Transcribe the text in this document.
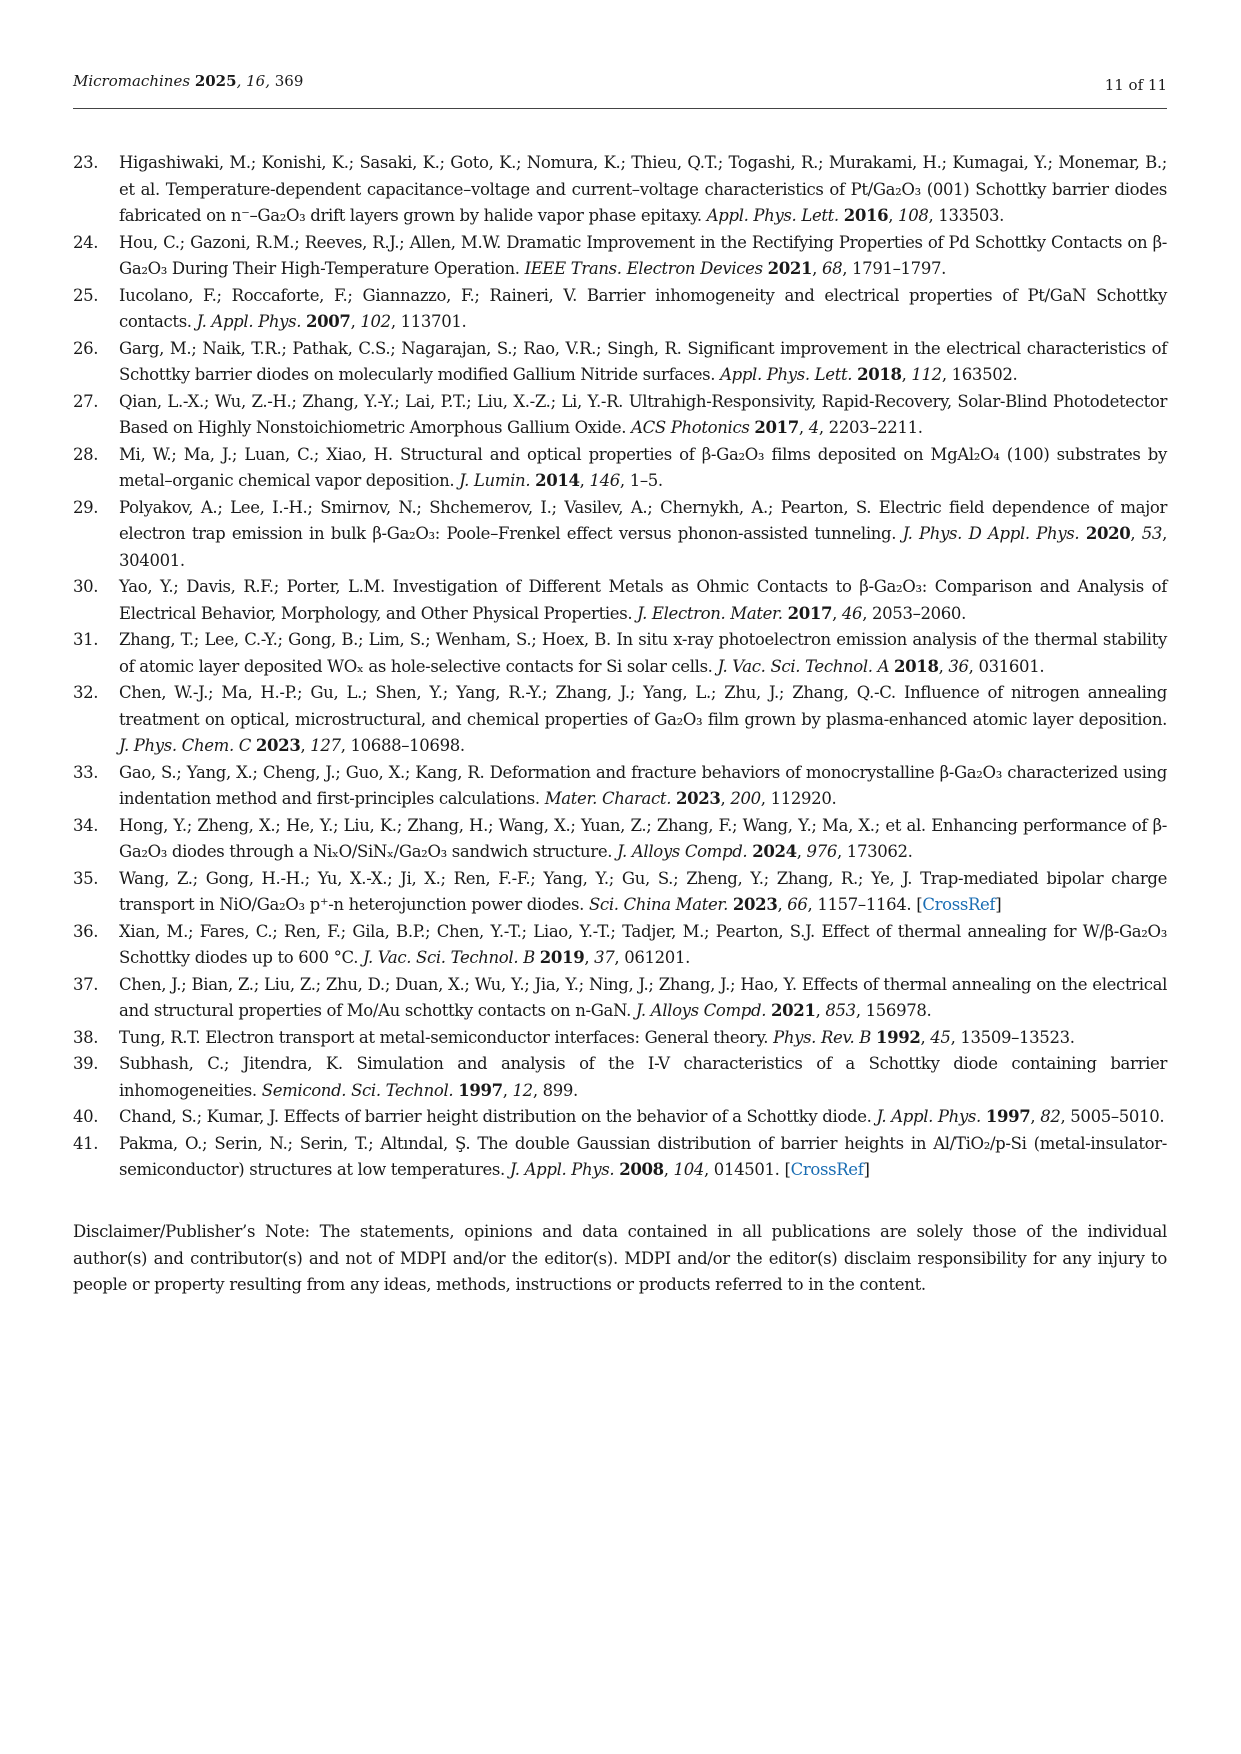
Micromachines 2025, 16, 369	11 of 11

23. Higashiwaki, M.; Konishi, K.; Sasaki, K.; Goto, K.; Nomura, K.; Thieu, Q.T.; Togashi, R.; Murakami, H.; Kumagai, Y.; Monemar, B.; et al. Temperature-dependent capacitance–voltage and current–voltage characteristics of Pt/Ga₂O₃ (001) Schottky barrier diodes fabricated on n⁻–Ga₂O₃ drift layers grown by halide vapor phase epitaxy. Appl. Phys. Lett. 2016, 108, 133503.

24. Hou, C.; Gazoni, R.M.; Reeves, R.J.; Allen, M.W. Dramatic Improvement in the Rectifying Properties of Pd Schottky Contacts on β-Ga₂O₃ During Their High-Temperature Operation. IEEE Trans. Electron Devices 2021, 68, 1791–1797.

25. Iucolano, F.; Roccaforte, F.; Giannazzo, F.; Raineri, V. Barrier inhomogeneity and electrical properties of Pt/GaN Schottky contacts. J. Appl. Phys. 2007, 102, 113701.

26. Garg, M.; Naik, T.R.; Pathak, C.S.; Nagarajan, S.; Rao, V.R.; Singh, R. Significant improvement in the electrical characteristics of Schottky barrier diodes on molecularly modified Gallium Nitride surfaces. Appl. Phys. Lett. 2018, 112, 163502.

27. Qian, L.-X.; Wu, Z.-H.; Zhang, Y.-Y.; Lai, P.T.; Liu, X.-Z.; Li, Y.-R. Ultrahigh-Responsivity, Rapid-Recovery, Solar-Blind Photodetector Based on Highly Nonstoichiometric Amorphous Gallium Oxide. ACS Photonics 2017, 4, 2203–2211.

28. Mi, W.; Ma, J.; Luan, C.; Xiao, H. Structural and optical properties of β-Ga₂O₃ films deposited on MgAl₂O₄ (100) substrates by metal–organic chemical vapor deposition. J. Lumin. 2014, 146, 1–5.

29. Polyakov, A.; Lee, I.-H.; Smirnov, N.; Shchemerov, I.; Vasilev, A.; Chernykh, A.; Pearton, S. Electric field dependence of major electron trap emission in bulk β-Ga₂O₃: Poole–Frenkel effect versus phonon-assisted tunneling. J. Phys. D Appl. Phys. 2020, 53, 304001.

30. Yao, Y.; Davis, R.F.; Porter, L.M. Investigation of Different Metals as Ohmic Contacts to β-Ga₂O₃: Comparison and Analysis of Electrical Behavior, Morphology, and Other Physical Properties. J. Electron. Mater. 2017, 46, 2053–2060.

31. Zhang, T.; Lee, C.-Y.; Gong, B.; Lim, S.; Wenham, S.; Hoex, B. In situ x-ray photoelectron emission analysis of the thermal stability of atomic layer deposited WOₓ as hole-selective contacts for Si solar cells. J. Vac. Sci. Technol. A 2018, 36, 031601.

32. Chen, W.-J.; Ma, H.-P.; Gu, L.; Shen, Y.; Yang, R.-Y.; Zhang, J.; Yang, L.; Zhu, J.; Zhang, Q.-C. Influence of nitrogen annealing treatment on optical, microstructural, and chemical properties of Ga₂O₃ film grown by plasma-enhanced atomic layer deposition. J. Phys. Chem. C 2023, 127, 10688–10698.

33. Gao, S.; Yang, X.; Cheng, J.; Guo, X.; Kang, R. Deformation and fracture behaviors of monocrystalline β-Ga₂O₃ characterized using indentation method and first-principles calculations. Mater. Charact. 2023, 200, 112920.

34. Hong, Y.; Zheng, X.; He, Y.; Liu, K.; Zhang, H.; Wang, X.; Yuan, Z.; Zhang, F.; Wang, Y.; Ma, X.; et al. Enhancing performance of β-Ga₂O₃ diodes through a NiₓO/SiNₓ/Ga₂O₃ sandwich structure. J. Alloys Compd. 2024, 976, 173062.

35. Wang, Z.; Gong, H.-H.; Yu, X.-X.; Ji, X.; Ren, F.-F.; Yang, Y.; Gu, S.; Zheng, Y.; Zhang, R.; Ye, J. Trap-mediated bipolar charge transport in NiO/Ga₂O₃ p⁺-n heterojunction power diodes. Sci. China Mater. 2023, 66, 1157–1164. [CrossRef]

36. Xian, M.; Fares, C.; Ren, F.; Gila, B.P.; Chen, Y.-T.; Liao, Y.-T.; Tadjer, M.; Pearton, S.J. Effect of thermal annealing for W/β-Ga₂O₃ Schottky diodes up to 600 °C. J. Vac. Sci. Technol. B 2019, 37, 061201.

37. Chen, J.; Bian, Z.; Liu, Z.; Zhu, D.; Duan, X.; Wu, Y.; Jia, Y.; Ning, J.; Zhang, J.; Hao, Y. Effects of thermal annealing on the electrical and structural properties of Mo/Au schottky contacts on n-GaN. J. Alloys Compd. 2021, 853, 156978.

38. Tung, R.T. Electron transport at metal-semiconductor interfaces: General theory. Phys. Rev. B 1992, 45, 13509–13523.

39. Subhash, C.; Jitendra, K. Simulation and analysis of the I-V characteristics of a Schottky diode containing barrier inhomogeneities. Semicond. Sci. Technol. 1997, 12, 899.

40. Chand, S.; Kumar, J. Effects of barrier height distribution on the behavior of a Schottky diode. J. Appl. Phys. 1997, 82, 5005–5010.

41. Pakma, O.; Serin, N.; Serin, T.; Altındal, Ş. The double Gaussian distribution of barrier heights in Al/TiO₂/p-Si (metal-insulator-semiconductor) structures at low temperatures. J. Appl. Phys. 2008, 104, 014501. [CrossRef]

Disclaimer/Publisher’s Note: The statements, opinions and data contained in all publications are solely those of the individual author(s) and contributor(s) and not of MDPI and/or the editor(s). MDPI and/or the editor(s) disclaim responsibility for any injury to people or property resulting from any ideas, methods, instructions or products referred to in the content.
